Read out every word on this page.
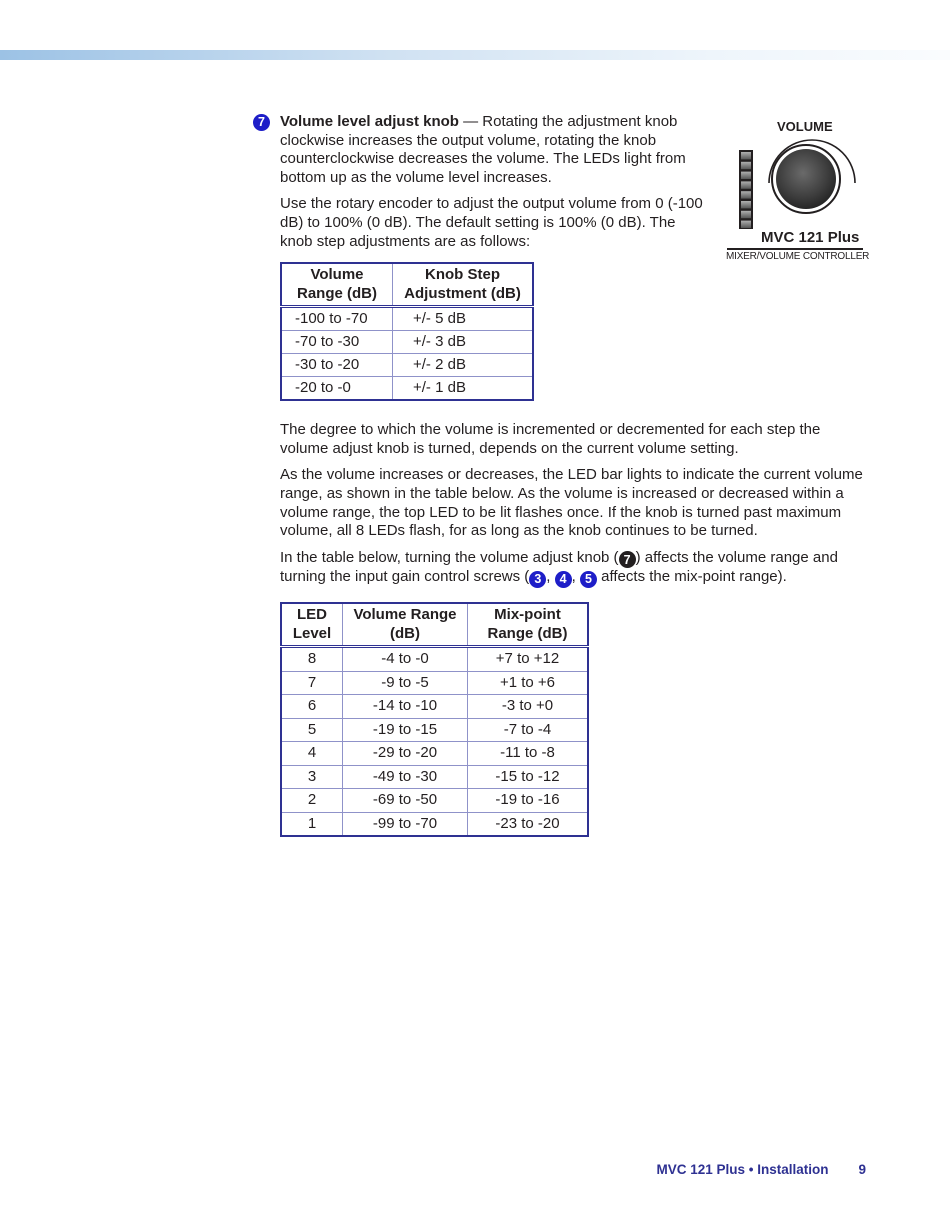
7	Volume level adjust knob — Rotating the adjustment knob clockwise increases the output volume, rotating the knob counterclockwise decreases the volume. The LEDs light from bottom up as the volume level increases.

Use the rotary encoder to adjust the output volume from 0 (-100 dB) to 100% (0 dB). The default setting is 100% (0 dB). The knob step adjustments are as follows:

Volume Range (dB)	Knob Step Adjustment (dB)
-100 to -70	+/- 5 dB
-70 to -30	+/- 3 dB
-30 to -20	+/- 2 dB
-20 to -0	+/- 1 dB

The degree to which the volume is incremented or decremented for each step the volume adjust knob is turned, depends on the current volume setting.

As the volume increases or decreases, the LED bar lights to indicate the current volume range, as shown in the table below. As the volume is increased or decreased within a volume range, the top LED to be lit flashes once. If the knob is turned past maximum volume, all 8 LEDs flash, for as long as the knob continues to be turned.

In the table below, turning the volume adjust knob ( 7 ) affects the volume range and turning the input gain control screws ( 3 , 4 , 5 affects the mix-point range).

LED Level	Volume Range (dB)	Mix-point Range (dB)
8	-4 to -0	+7 to +12
7	-9 to -5	+1 to +6
6	-14 to -10	-3 to +0
5	-19 to -15	-7 to -4
4	-29 to -20	-11 to -8
3	-49 to -30	-15 to -12
2	-69 to -50	-19 to -16
1	-99 to -70	-23 to -20
VOLUME
MVC 121 Plus
MIXER/VOLUME CONTROLLER
MVC 121 Plus • Installation 9
